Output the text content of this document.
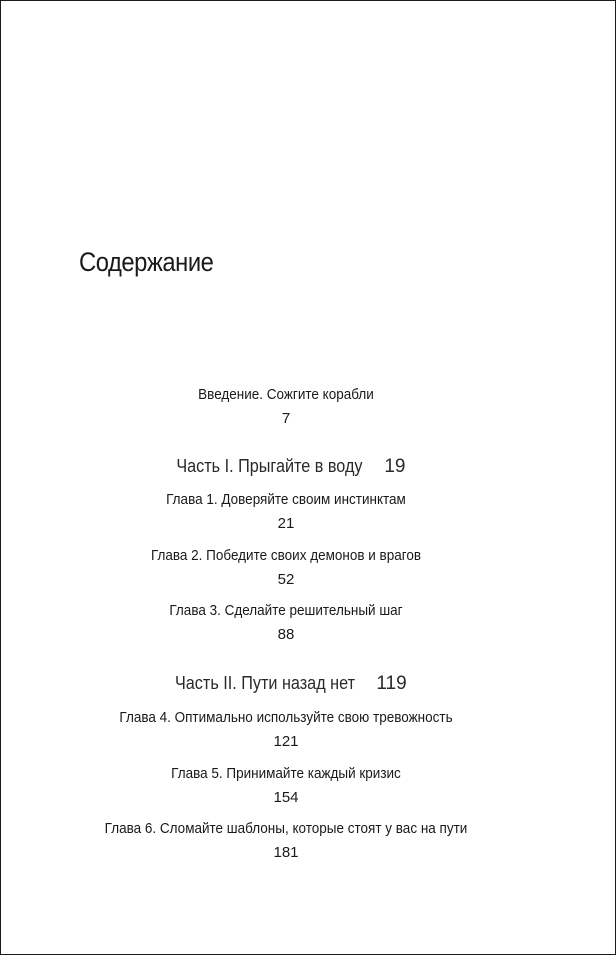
Содержание
Введение. Сожгите корабли
7
Часть I. Прыгайте в воду 19
Глава 1. Доверяйте своим инстинктам
21
Глава 2. Победите своих демонов и врагов
52
Глава 3. Сделайте решительный шаг
88
Часть II. Пути назад нет 119
Глава 4. Оптимально используйте свою тревожность
121
Глава 5. Принимайте каждый кризис
154
Глава 6. Сломайте шаблоны, которые стоят у вас на пути
181
